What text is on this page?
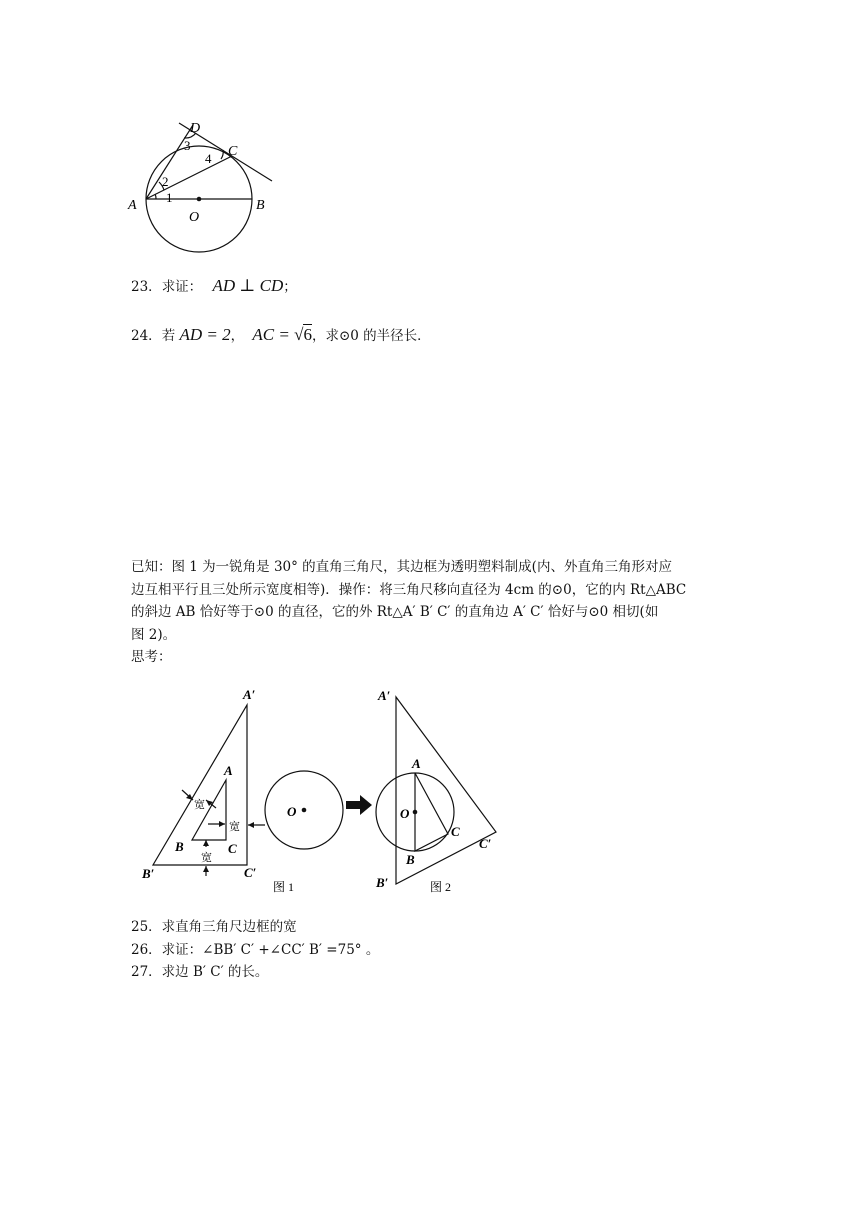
D
C
A	B
O
1
2
3
4
23．求证： AD ⊥ CD；
24．若 AD = 2， AC = √6，求⊙0 的半径长．
已知：图 1 为一锐角是 30° 的直角三角尺，其边框为透明塑料制成(内、外直角三角形对应
边互相平行且三处所示宽度相等)．操作：将三角尺移向直径为 4cm 的⊙0，它的内 Rt△ABC
的斜边 AB 恰好等于⊙0 的直径，它的外 Rt△A′ B′ C′ 的直角边 A′ C′ 恰好与⊙0 相切(如
图 2)。
思考：
A′
B′	C′
A
B	C
宽
宽
宽
图 1
O
A′
B′
C′
A
B
C
O
图 2
25．求直角三角尺边框的宽
26．求证：∠BB′ C′ +∠CC′ B′ =75° 。
27．求边 B′ C′ 的长。
